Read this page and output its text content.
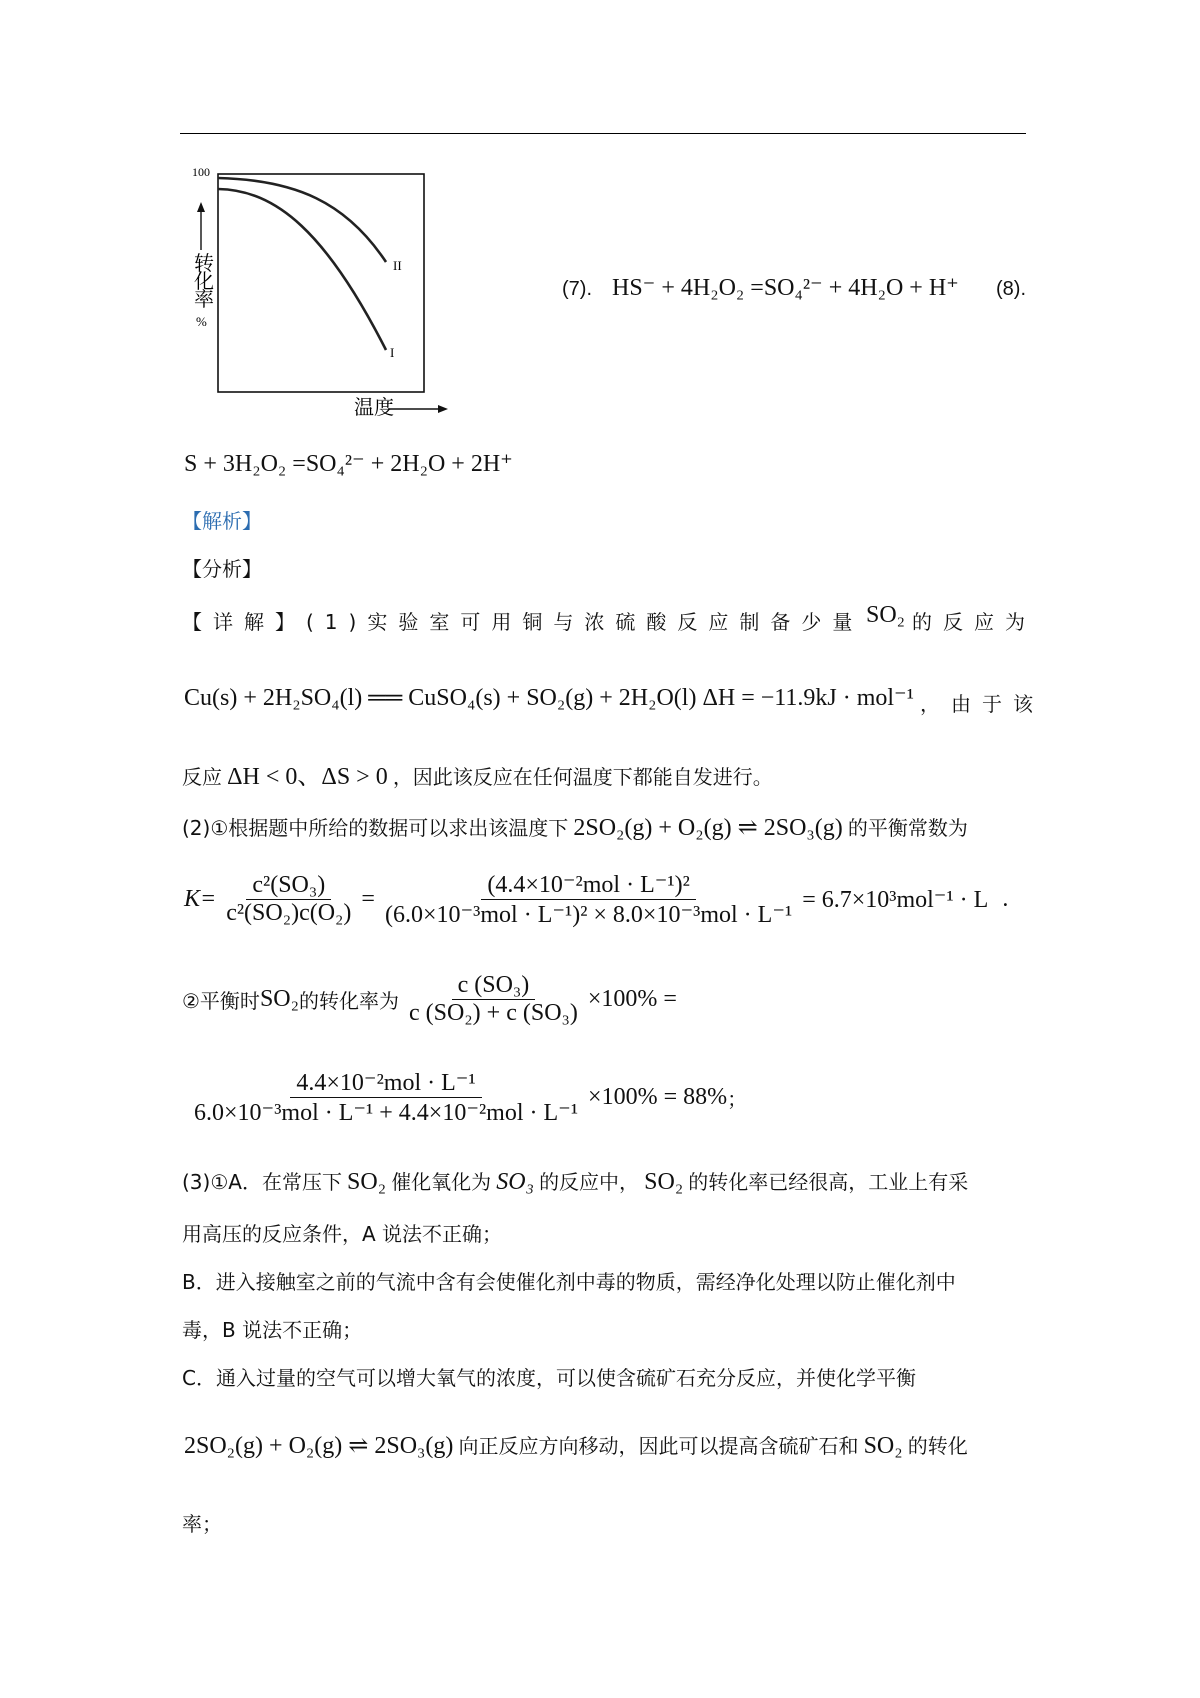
100
转
化
率
%
II
I
温度
(7). HS⁻ + 4H₂O₂ =SO₄²⁻ + 4H₂O + H⁺ (8).
S + 3H₂O₂ =SO₄²⁻ + 2H₂O + 2H⁺
【解析】
【分析】
【详解】(1)实验室可用铜与浓硫酸反应制备少量 SO₂ 的反应为
Cu(s) + 2H₂SO₄(l) ══ CuSO₄(s) + SO₂(g) + 2H₂O(l) ΔH = −11.9kJ · mol⁻¹ ，由于该
反应 ΔH < 0、ΔS > 0 ，因此该反应在任何温度下都能自发进行。
(2)①根据题中所给的数据可以求出该温度下 2SO₂(g) + O₂(g) ⇌ 2SO₃(g) 的平衡常数为
$K= \frac{\text{c²(SO₃)}}{\text{c²(SO₂)c(O₂)}} = \frac{\text{(4.4×10⁻²mol · L⁻¹)²}}{\text{(6.0×10⁻³mol · L⁻¹)² × 8.0×10⁻³mol · L⁻¹}} = 6.7\times 10^3mol^{-1} \cdot L$ .
②平衡时 SO₂ 的转化率为 $\frac{\text{c (SO₃)}}{\text{c (SO₂) + c (SO₃)}} \times 100\%$ =
$\frac{\text{4.4×10⁻²mol · L⁻¹}}{\text{6.0×10⁻³mol · L⁻¹ + 4.4×10⁻²mol · L⁻¹}} \times 100\% = 88\%$ ；
(3)①A．在常压下 SO₂ 催化氧化为 SO₃ 的反应中， SO₂ 的转化率已经很高，工业上有采
用高压的反应条件，A 说法不正确；
B．进入接触室之前的气流中含有会使催化剂中毒的物质，需经净化处理以防止催化剂中
毒，B 说法不正确；
C．通入过量的空气可以增大氧气的浓度，可以使含硫矿石充分反应，并使化学平衡
2SO₂(g) + O₂(g) ⇌ 2SO₃(g) 向正反应方向移动，因此可以提高含硫矿石和 SO₂ 的转化
率；
